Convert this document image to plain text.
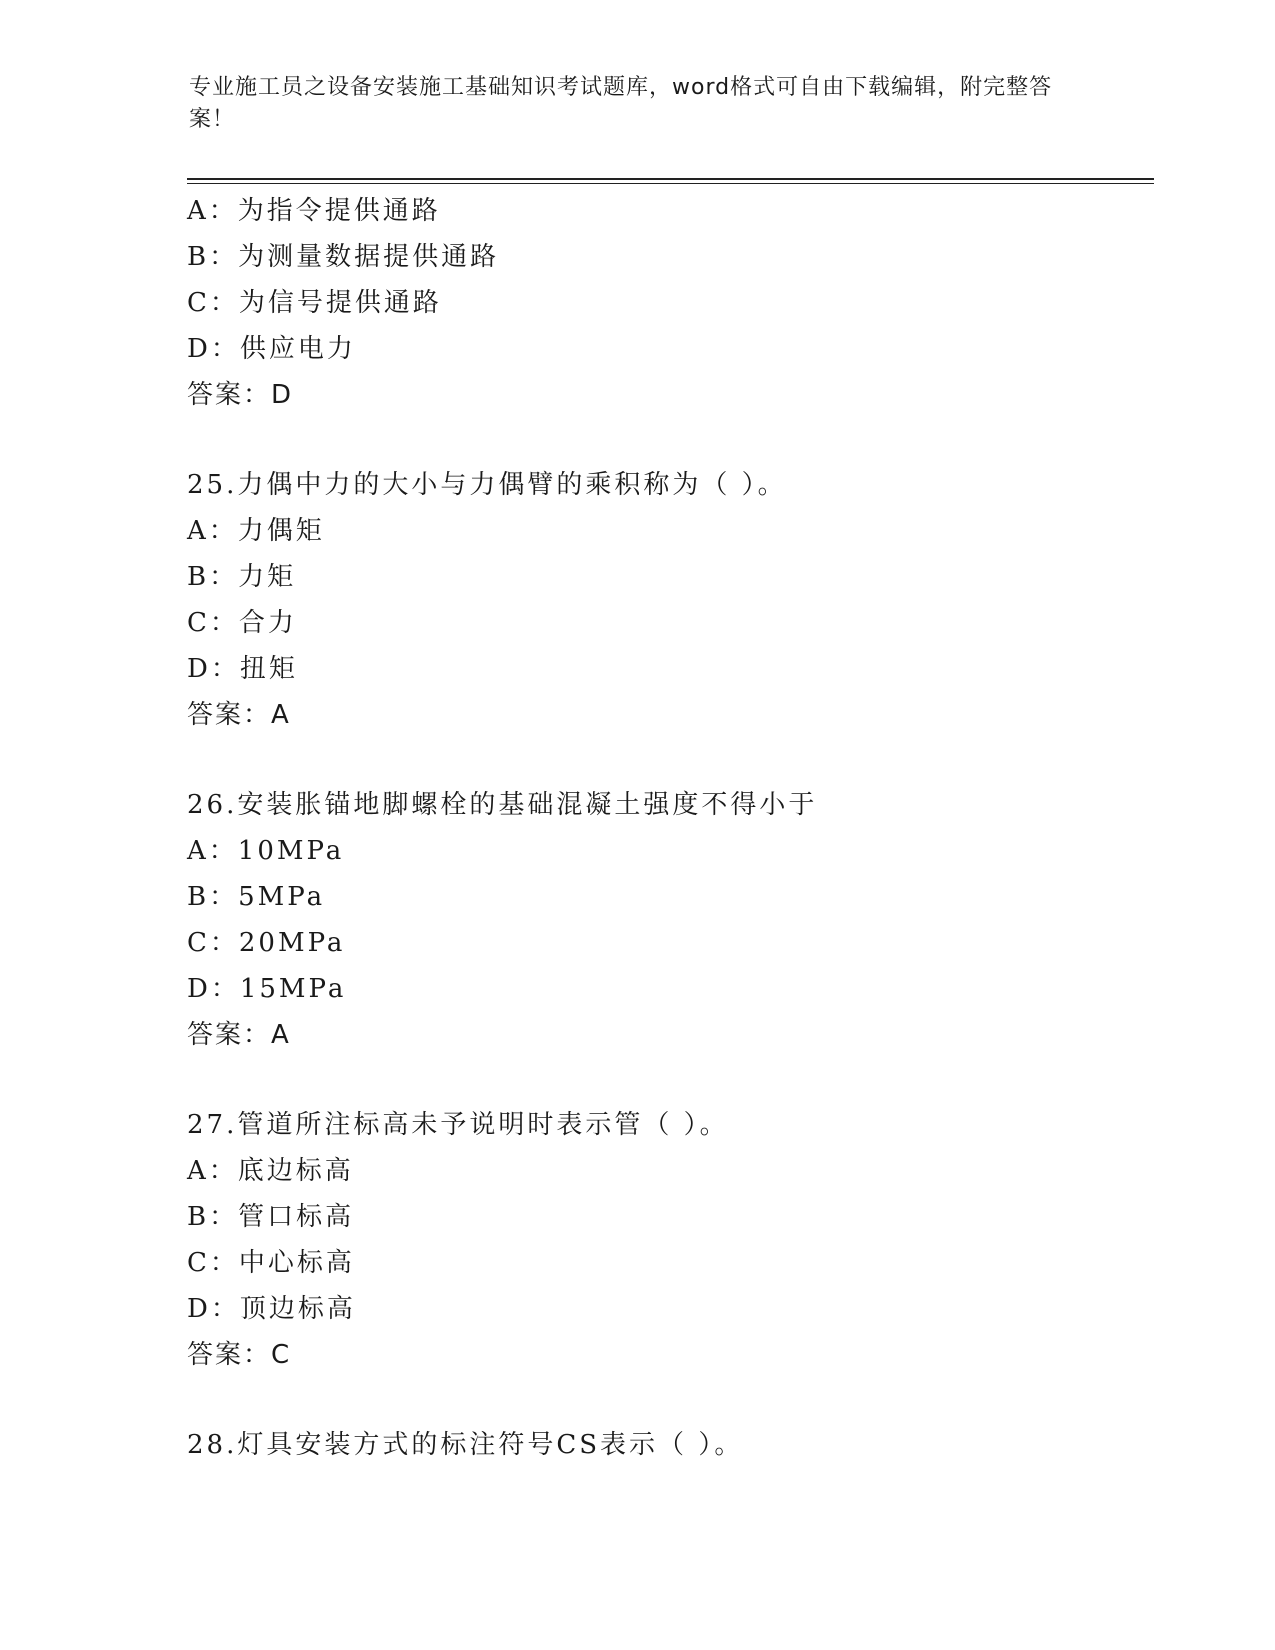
专业施工员之设备安装施工基础知识考试题库，word格式可自由下载编辑，附完整答案！
A：为指令提供通路
B：为测量数据提供通路
C：为信号提供通路
D：供应电力
答案：D
25.力偶中力的大小与力偶臂的乘积称为（ ）。
A：力偶矩
B：力矩
C：合力
D：扭矩
答案：A
26.安装胀锚地脚螺栓的基础混凝土强度不得小于
A：10MPa
B：5MPa
C：20MPa
D：15MPa
答案：A
27.管道所注标高未予说明时表示管（ ）。
A：底边标高
B：管口标高
C：中心标高
D：顶边标高
答案：C
28.灯具安装方式的标注符号CS表示（ ）。
